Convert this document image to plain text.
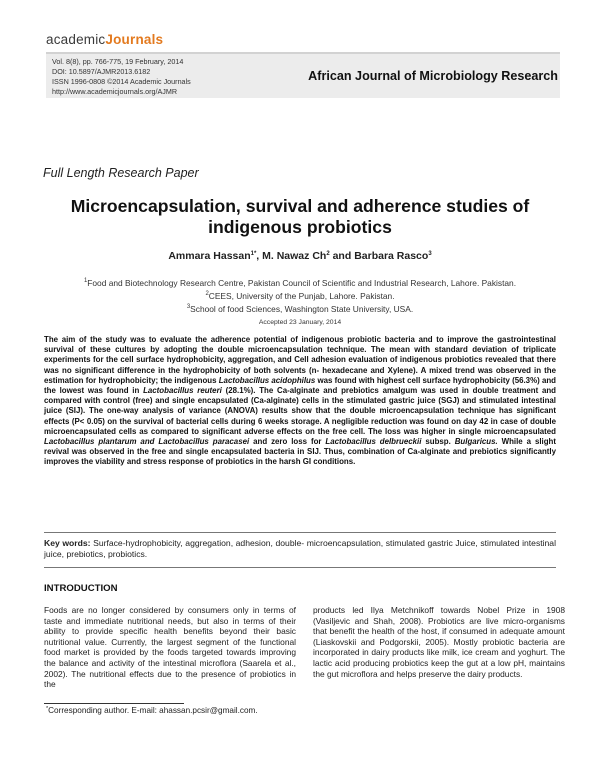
academicJournals
Vol. 8(8), pp. 766-775, 19 February, 2014
DOI: 10.5897/AJMR2013.6182
ISSN 1996-0808 ©2014 Academic Journals
http://www.academicjournals.org/AJMR
African Journal of Microbiology Research
Full Length Research Paper
Microencapsulation, survival and adherence studies of indigenous probiotics
Ammara Hassan$^{1*}$, M. Nawaz Ch$^2$ and Barbara Rasco$^3$
$^1$Food and Biotechnology Research Centre, Pakistan Council of Scientific and Industrial Research, Lahore. Pakistan.
$^2$CEES, University of the Punjab, Lahore. Pakistan.
$^3$School of food Sciences, Washington State University, USA.
Accepted 23 January, 2014
The aim of the study was to evaluate the adherence potential of indigenous probiotic bacteria and to improve the gastrointestinal survival of these cultures by adopting the double microencapsulation technique. The mean with standard deviation of triplicate experiments for the cell surface hydrophobicity, aggregation, and Cell adhesion evaluation of indigenous probiotics revealed that there was no significant difference in the hydrophobicity of both solvents (n- hexadecane and Xylene). A mixed trend was observed in the estimation for hydrophobicity; the indigenous Lactobacillus acidophilus was found with highest cell surface hydrophobicity (56.3%) and the lowest was found in Lactobacillus reuteri (28.1%). The Ca-alginate and prebiotics amalgum was used in double treatment and compared with control (free) and single encapsulated (Ca-alginate) cells in the stimulated gastric juice (SGJ) and stimulated intestinal juice (SIJ). The one-way analysis of variance (ANOVA) results show that the double microencapsulation technique has significant effects (P< 0.05) on the survival of bacterial cells during 6 weeks storage. A negligible reduction was found on day 42 in case of double microencapsulated cells as compared to significant adverse effects on the free cell. The loss was higher in single microencapsulated Lactobacillus plantarum and Lactobacillus paracasei and zero loss for Lactobacillus delbrueckii subsp. Bulgaricus. While a slight revival was observed in the free and single encapsulated bacteria in SIJ. Thus, combination of Ca-alginate and prebiotics significantly improves the viability and stress response of probiotics in the harsh GI conditions.
Key words: Surface-hydrophobicity, aggregation, adhesion, double- microencapsulation, stimulated gastric Juice, stimulated intestinal juice, prebiotics, probiotics.
INTRODUCTION
Foods are no longer considered by consumers only in terms of taste and immediate nutritional needs, but also in terms of their ability to provide specific health benefits beyond their basic nutritional value. Currently, the largest segment of the functional food market is provided by the foods targeted towards improving the balance and activity of the intestinal microflora (Saarela et al., 2002). The nutritional effects due to the presence of probiotics in the
products led Ilya Metchnikoff towards Nobel Prize in 1908 (Vasiljevic and Shah, 2008). Probiotics are live micro-organisms that benefit the health of the host, if consumed in adequate amount (Liaskovskii and Podgorskii, 2005). Mostly probiotic bacteria are incorporated in dairy products like milk, ice cream and yoghurt. The lactic acid producing probiotics keep the gut at a low pH, maintains the gut microflora and helps preserve the dairy products.
*Corresponding author. E-mail: ahassan.pcsir@gmail.com.
